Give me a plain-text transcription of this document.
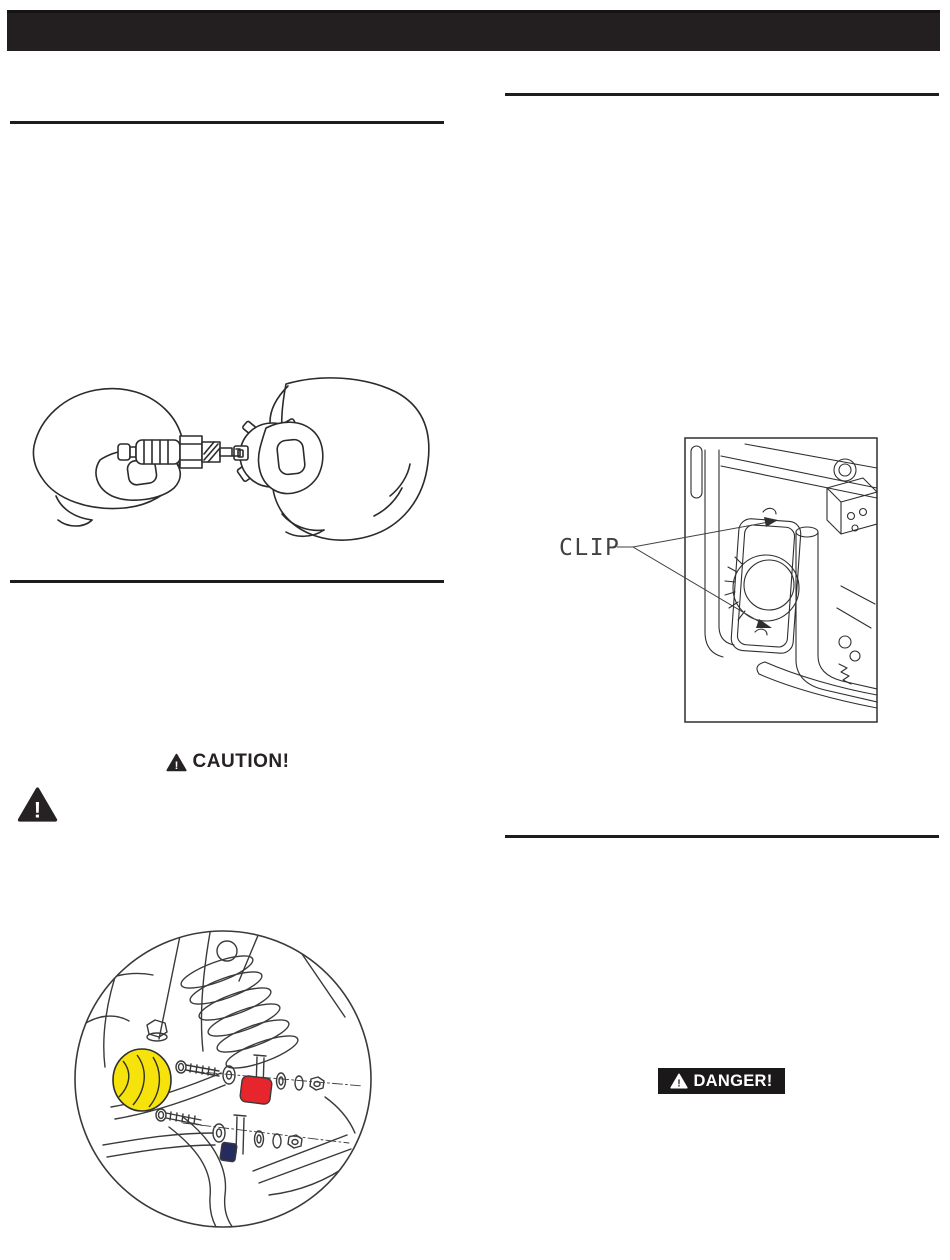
! CAUTION!
!
CLIP
! DANGER!
